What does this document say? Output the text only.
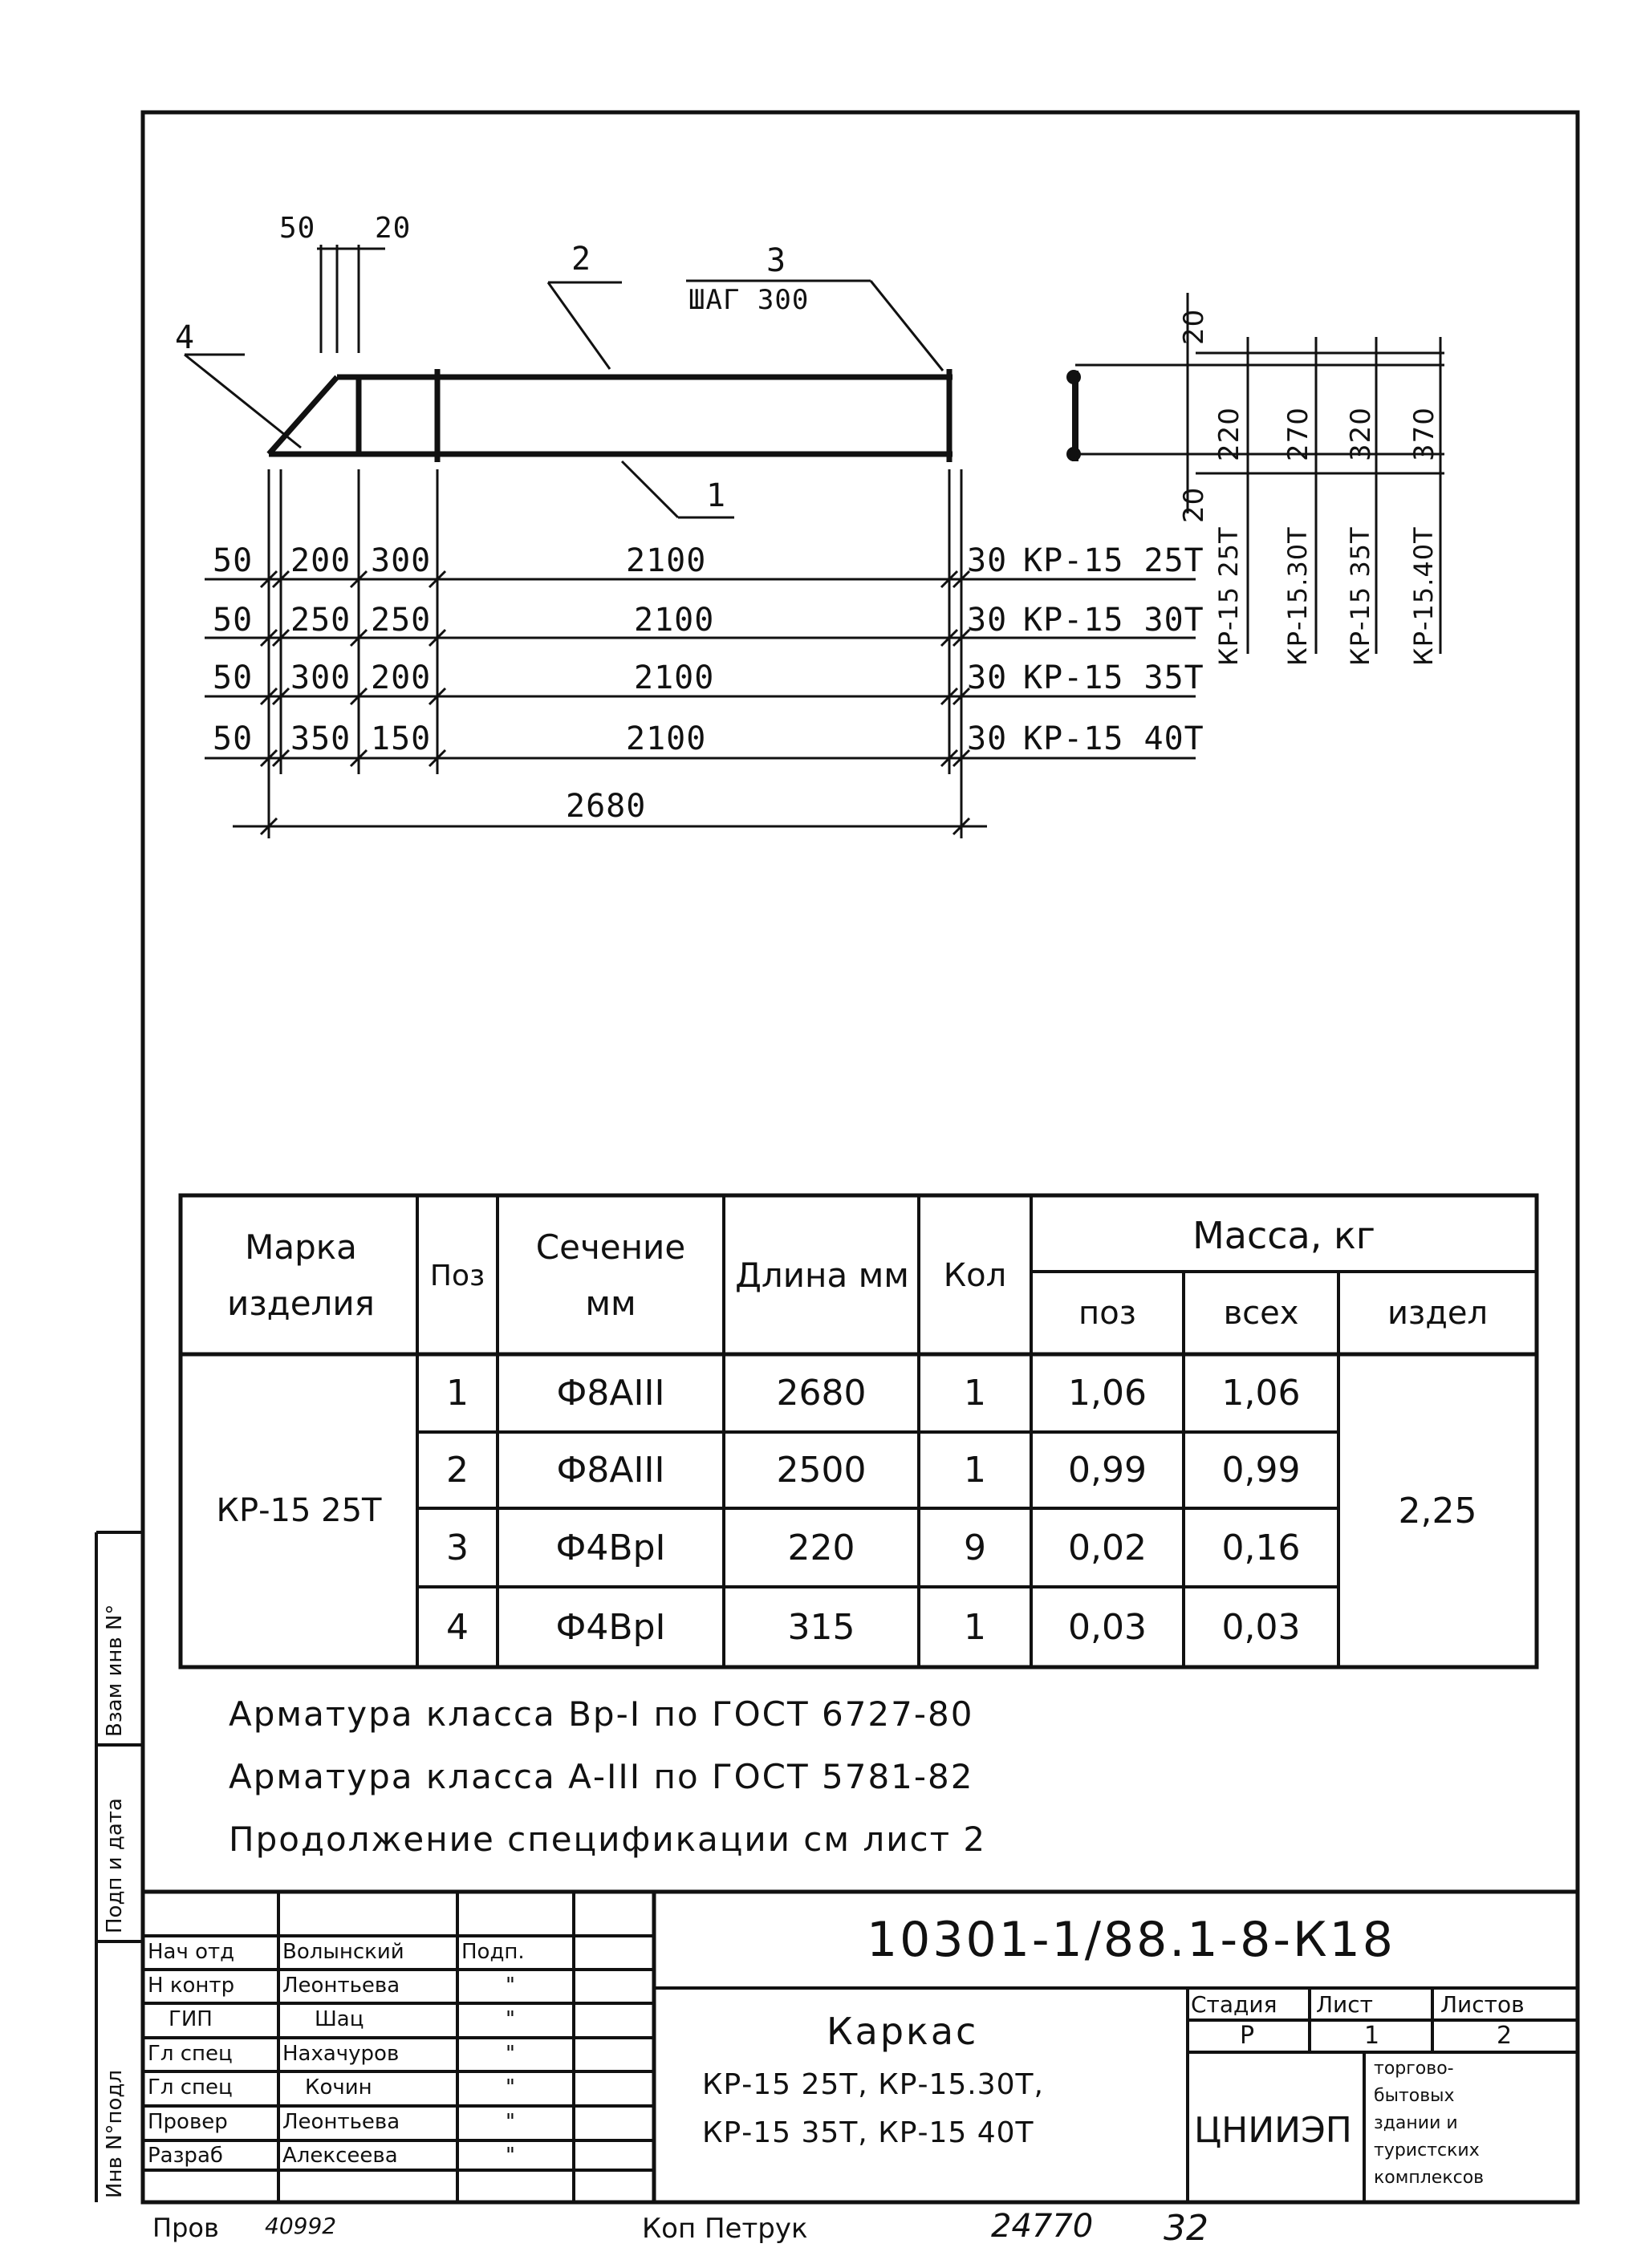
4
2	3
ШАГ 300
1
50 20
50 200 300	2100	30 КР-15 25Т
50 250 250	2100	30 КР-15 30Т
50 300 200	2100	30 КР-15 35Т
50 350 150	2100	30 КР-15 40Т
2680
20
20
220 270 320 370
КР-15 25Т КР-15.30Т КР-15 35Т КР-15.40Т
Марка изделия
Поз
Сечение мм
Длина мм	Кол
Масса, кг
поз	всех	издел
КР-15 25Т	2,25
1	Ф8АIII	2680	1	1,06	1,06
2	Ф8АIII	2500	1	0,99	0,99
3	Ф4ВрI	220	9	0,02	0,16
4	Ф4ВрI	315	1	0,03	0,03
Арматура класса Вр-I по ГОСТ 6727-80
Арматура класса А-III по ГОСТ 5781-82
Продолжение спецификации см лист 2
10301-1/88.1-8-К18
Каркас
КР-15 25Т, КР-15.30Т,
КР-15 35Т, КР-15 40Т
Стадия Лист	Листов
Р	1	2
ЦНИИЭП
торгово-
бытовых
здании и
туристских
комплексов
Подп.
Нач отд Волынский
Н контр Леонтьева	"
ГИП	Шац	"
Гл спец Нахачуров	"
Гл спец	Кочин	"
Провер	Леонтьева	"
Разраб	Алексеева	"
Инв N°подл
Подп и дата
Взам инв N°
Пров 40992	Коп Петрук	24770 32
